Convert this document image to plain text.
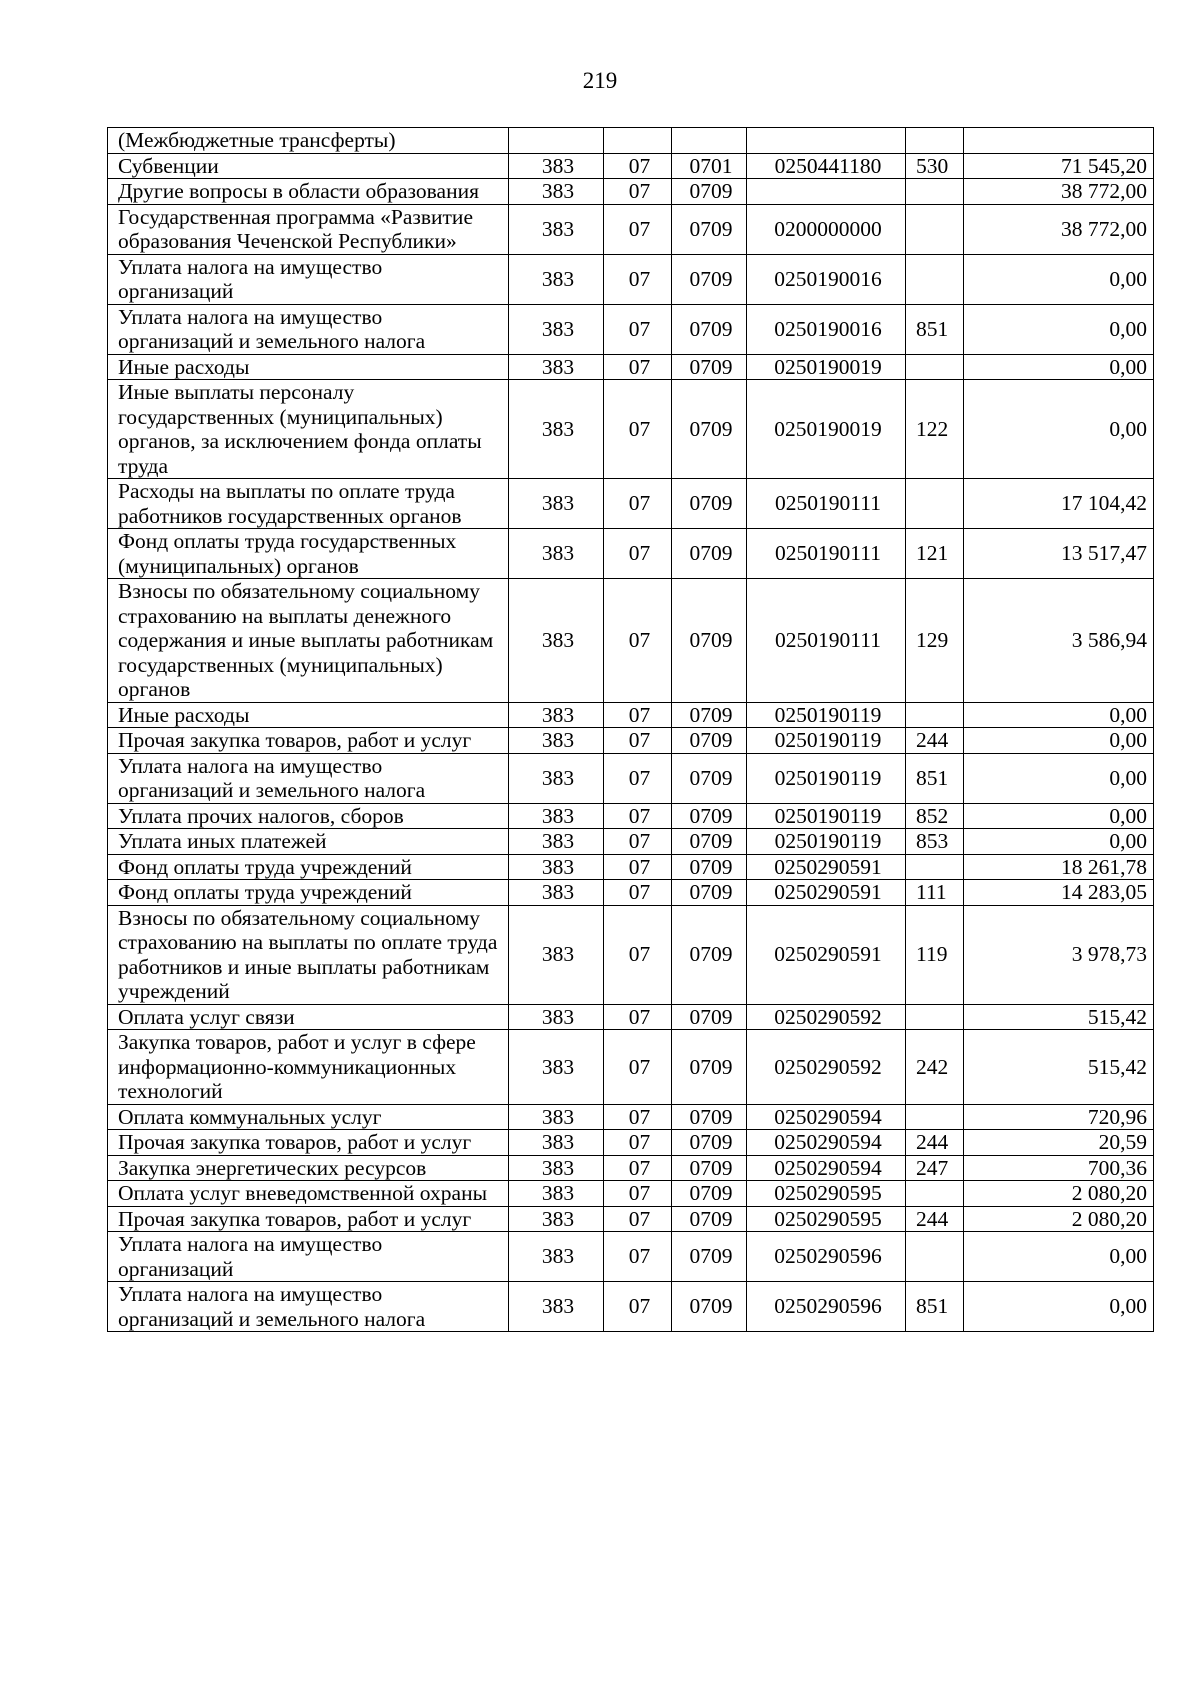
219
(Межбюджетные трансферты)						
Субвенции	383	07	0701	0250441180	530	71 545,20
Другие вопросы в области образования	383	07	0709			38 772,00
Государственная программа «Развитие образования Чеченской Республики»	383	07	0709	0200000000		38 772,00
Уплата налога на имущество организаций	383	07	0709	0250190016		0,00
Уплата налога на имущество организаций и земельного налога	383	07	0709	0250190016	851	0,00
Иные расходы	383	07	0709	0250190019		0,00
Иные выплаты персоналу государственных (муниципальных) органов, за исключением фонда оплаты труда	383	07	0709	0250190019	122	0,00
Расходы на выплаты по оплате труда работников государственных органов	383	07	0709	0250190111		17 104,42
Фонд оплаты труда государственных (муниципальных) органов	383	07	0709	0250190111	121	13 517,47
Взносы по обязательному социальному страхованию на выплаты денежного содержания и иные выплаты работникам государственных (муниципальных) органов	383	07	0709	0250190111	129	3 586,94
Иные расходы	383	07	0709	0250190119		0,00
Прочая закупка товаров, работ и услуг	383	07	0709	0250190119	244	0,00
Уплата налога на имущество организаций и земельного налога	383	07	0709	0250190119	851	0,00
Уплата прочих налогов, сборов	383	07	0709	0250190119	852	0,00
Уплата иных платежей	383	07	0709	0250190119	853	0,00
Фонд оплаты труда учреждений	383	07	0709	0250290591		18 261,78
Фонд оплаты труда учреждений	383	07	0709	0250290591	111	14 283,05
Взносы по обязательному социальному страхованию на выплаты по оплате труда работников и иные выплаты работникам учреждений	383	07	0709	0250290591	119	3 978,73
Оплата услуг связи	383	07	0709	0250290592		515,42
Закупка товаров, работ и услуг в сфере информационно-коммуникационных технологий	383	07	0709	0250290592	242	515,42
Оплата коммунальных услуг	383	07	0709	0250290594		720,96
Прочая закупка товаров, работ и услуг	383	07	0709	0250290594	244	20,59
Закупка энергетических ресурсов	383	07	0709	0250290594	247	700,36
Оплата услуг вневедомственной охраны	383	07	0709	0250290595		2 080,20
Прочая закупка товаров, работ и услуг	383	07	0709	0250290595	244	2 080,20
Уплата налога на имущество организаций	383	07	0709	0250290596		0,00
Уплата налога на имущество организаций и земельного налога	383	07	0709	0250290596	851	0,00
